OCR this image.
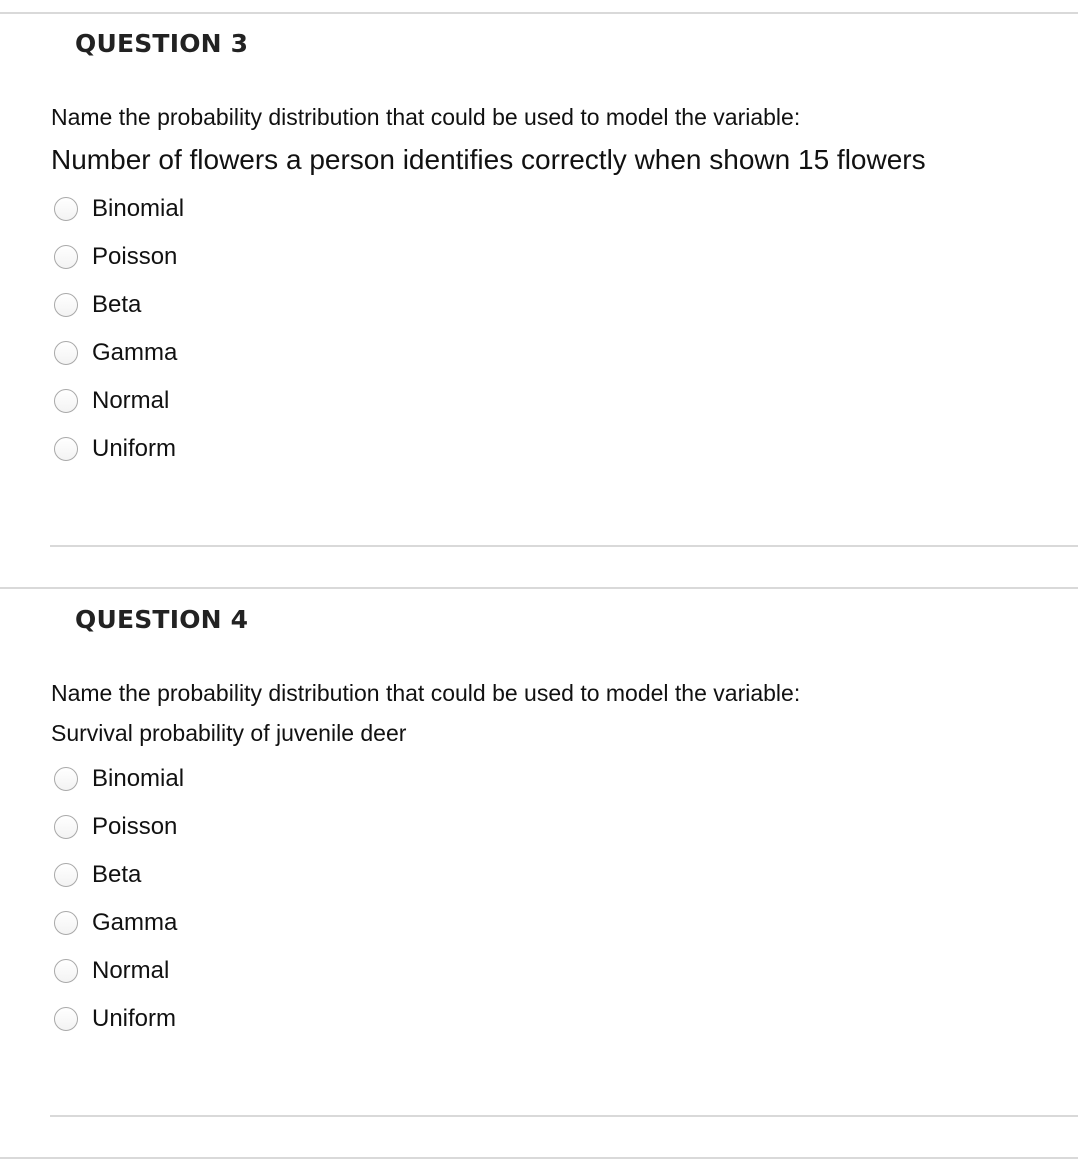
QUESTION 3
Name the probability distribution that could be used to model the variable:
Number of flowers a person identifies correctly when shown 15 flowers
Binomial
Poisson
Beta
Gamma
Normal
Uniform
QUESTION 4
Name the probability distribution that could be used to model the variable:
Survival probability of juvenile deer
Binomial
Poisson
Beta
Gamma
Normal
Uniform
